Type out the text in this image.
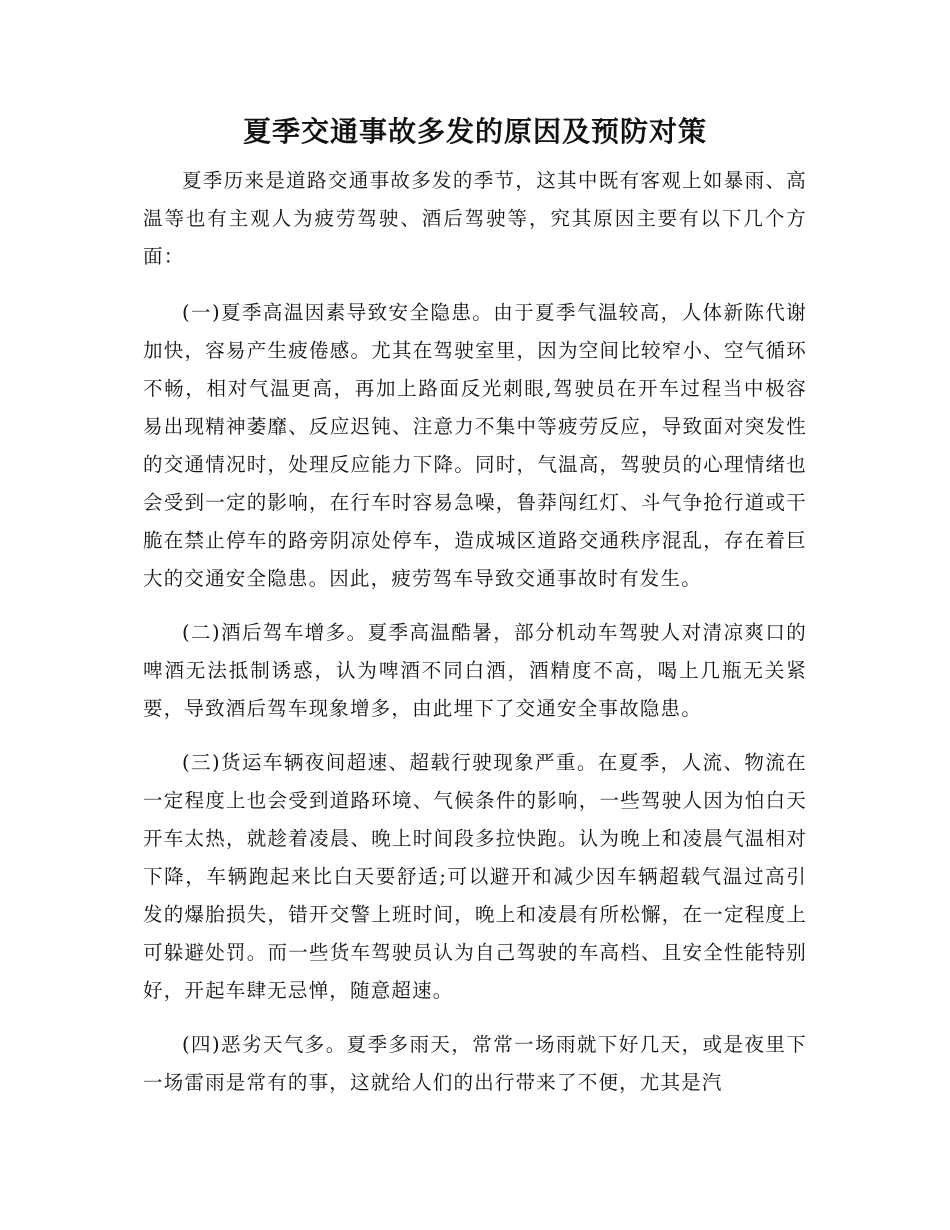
夏季交通事故多发的原因及预防对策

夏季历来是道路交通事故多发的季节，这其中既有客观上如暴雨、高温等也有主观人为疲劳驾驶、酒后驾驶等，究其原因主要有以下几个方面：

(一)夏季高温因素导致安全隐患。由于夏季气温较高，人体新陈代谢加快，容易产生疲倦感。尤其在驾驶室里，因为空间比较窄小、空气循环不畅，相对气温更高，再加上路面反光刺眼,驾驶员在开车过程当中极容易出现精神萎靡、反应迟钝、注意力不集中等疲劳反应，导致面对突发性的交通情况时，处理反应能力下降。同时，气温高，驾驶员的心理情绪也会受到一定的影响，在行车时容易急噪，鲁莽闯红灯、斗气争抢行道或干脆在禁止停车的路旁阴凉处停车，造成城区道路交通秩序混乱，存在着巨大的交通安全隐患。因此，疲劳驾车导致交通事故时有发生。

(二)酒后驾车增多。夏季高温酷暑，部分机动车驾驶人对清凉爽口的啤酒无法抵制诱惑，认为啤酒不同白酒，酒精度不高，喝上几瓶无关紧要，导致酒后驾车现象增多，由此埋下了交通安全事故隐患。

(三)货运车辆夜间超速、超载行驶现象严重。在夏季，人流、物流在一定程度上也会受到道路环境、气候条件的影响，一些驾驶人因为怕白天开车太热，就趁着凌晨、晚上时间段多拉快跑。认为晚上和凌晨气温相对下降，车辆跑起来比白天要舒适;可以避开和减少因车辆超载气温过高引发的爆胎损失，错开交警上班时间，晚上和凌晨有所松懈，在一定程度上可躲避处罚。而一些货车驾驶员认为自己驾驶的车高档、且安全性能特别好，开起车肆无忌惮，随意超速。

(四)恶劣天气多。夏季多雨天，常常一场雨就下好几天，或是夜里下一场雷雨是常有的事，这就给人们的出行带来了不便，尤其是汽
